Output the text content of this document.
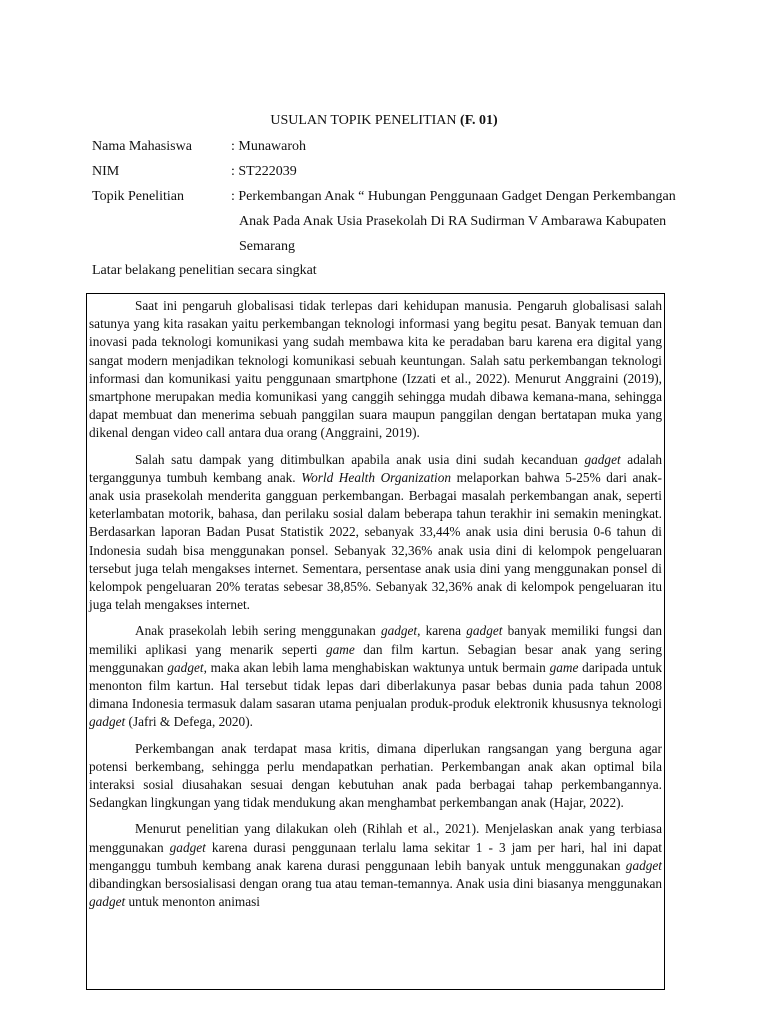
USULAN TOPIK PENELITIAN (F. 01)
Nama Mahasiswa	: Munawaroh
NIM	: ST222039
Topik Penelitian	: Perkembangan Anak “ Hubungan Penggunaan Gadget Dengan Perkembangan
Anak Pada Anak Usia Prasekolah Di RA Sudirman V Ambarawa Kabupaten
Semarang
Latar belakang penelitian secara singkat

Saat ini pengaruh globalisasi tidak terlepas dari kehidupan manusia. Pengaruh globalisasi salah satunya yang kita rasakan yaitu perkembangan teknologi informasi yang begitu pesat. Banyak temuan dan inovasi pada teknologi komunikasi yang sudah membawa kita ke peradaban baru karena era digital yang sangat modern menjadikan teknologi komunikasi sebuah keuntungan. Salah satu perkembangan teknologi informasi dan komunikasi yaitu penggunaan smartphone (Izzati et al., 2022). Menurut Anggraini (2019), smartphone merupakan media komunikasi yang canggih sehingga mudah dibawa kemana-mana, sehingga dapat membuat dan menerima sebuah panggilan suara maupun panggilan dengan bertatapan muka yang dikenal dengan video call antara dua orang (Anggraini, 2019).

Salah satu dampak yang ditimbulkan apabila anak usia dini sudah kecanduan gadget adalah terganggunya tumbuh kembang anak. World Health Organization melaporkan bahwa 5-25% dari anak-anak usia prasekolah menderita gangguan perkembangan. Berbagai masalah perkembangan anak, seperti keterlambatan motorik, bahasa, dan perilaku sosial dalam beberapa tahun terakhir ini semakin meningkat. Berdasarkan laporan Badan Pusat Statistik 2022, sebanyak 33,44% anak usia dini berusia 0-6 tahun di Indonesia sudah bisa menggunakan ponsel. Sebanyak 32,36% anak usia dini di kelompok pengeluaran tersebut juga telah mengakses internet. Sementara, persentase anak usia dini yang menggunakan ponsel di kelompok pengeluaran 20% teratas sebesar 38,85%. Sebanyak 32,36% anak di kelompok pengeluaran itu juga telah mengakses internet.

Anak prasekolah lebih sering menggunakan gadget, karena gadget banyak memiliki fungsi dan memiliki aplikasi yang menarik seperti game dan film kartun. Sebagian besar anak yang sering menggunakan gadget, maka akan lebih lama menghabiskan waktunya untuk bermain game daripada untuk menonton film kartun. Hal tersebut tidak lepas dari diberlakunya pasar bebas dunia pada tahun 2008 dimana Indonesia termasuk dalam sasaran utama penjualan produk-produk elektronik khususnya teknologi gadget (Jafri & Defega, 2020).

Perkembangan anak terdapat masa kritis, dimana diperlukan rangsangan yang berguna agar potensi berkembang, sehingga perlu mendapatkan perhatian. Perkembangan anak akan optimal bila interaksi sosial diusahakan sesuai dengan kebutuhan anak pada berbagai tahap perkembangannya. Sedangkan lingkungan yang tidak mendukung akan menghambat perkembangan anak (Hajar, 2022).

Menurut penelitian yang dilakukan oleh (Rihlah et al., 2021). Menjelaskan anak yang terbiasa menggunakan gadget karena durasi penggunaan terlalu lama sekitar 1 - 3 jam per hari, hal ini dapat menganggu tumbuh kembang anak karena durasi penggunaan lebih banyak untuk menggunakan gadget dibandingkan bersosialisasi dengan orang tua atau teman-temannya. Anak usia dini biasanya menggunakan gadget untuk menonton animasi
